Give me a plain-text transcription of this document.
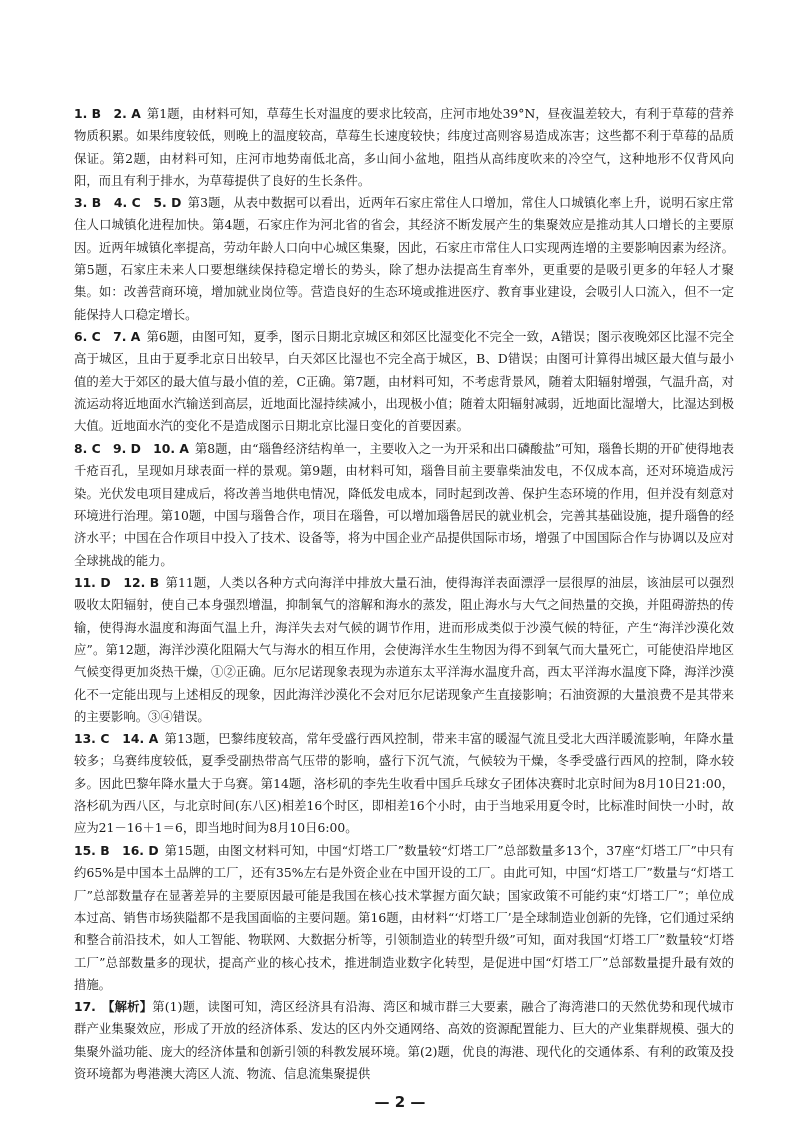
1. B　2. A 第1题，由材料可知，草莓生长对温度的要求比较高，庄河市地处39°N，昼夜温差较大，有利于草莓的营养物质积累。如果纬度较低，则晚上的温度较高，草莓生长速度较快；纬度过高则容易造成冻害；这些都不利于草莓的品质保证。第2题，由材料可知，庄河市地势南低北高，多山间小盆地，阻挡从高纬度吹来的冷空气，这种地形不仅背风向阳，而且有利于排水，为草莓提供了良好的生长条件。
3. B　4. C　5. D 第3题，从表中数据可以看出，近两年石家庄常住人口增加，常住人口城镇化率上升，说明石家庄常住人口城镇化进程加快。第4题，石家庄作为河北省的省会，其经济不断发展产生的集聚效应是推动其人口增长的主要原因。近两年城镇化率提高，劳动年龄人口向中心城区集聚，因此，石家庄市常住人口实现两连增的主要影响因素为经济。第5题，石家庄未来人口要想继续保持稳定增长的势头，除了想办法提高生育率外，更重要的是吸引更多的年轻人才聚集。如：改善营商环境，增加就业岗位等。营造良好的生态环境或推进医疗、教育事业建设，会吸引人口流入，但不一定能保持人口稳定增长。
6. C　7. A 第6题，由图可知，夏季，图示日期北京城区和郊区比湿变化不完全一致，A错误；图示夜晚郊区比湿不完全高于城区，且由于夏季北京日出较早，白天郊区比湿也不完全高于城区，B、D错误；由图可计算得出城区最大值与最小值的差大于郊区的最大值与最小值的差，C正确。第7题，由材料可知，不考虑背景风，随着太阳辐射增强，气温升高，对流运动将近地面水汽输送到高层，近地面比湿持续减小，出现极小值；随着太阳辐射减弱，近地面比湿增大，比湿达到极大值。近地面水汽的变化不是造成图示日期北京比湿日变化的首要因素。
8. C　9. D　10. A 第8题，由“瑙鲁经济结构单一，主要收入之一为开采和出口磷酸盐”可知，瑙鲁长期的开矿使得地表千疮百孔，呈现如月球表面一样的景观。第9题，由材料可知，瑙鲁目前主要靠柴油发电，不仅成本高，还对环境造成污染。光伏发电项目建成后，将改善当地供电情况，降低发电成本，同时起到改善、保护生态环境的作用，但并没有刻意对环境进行治理。第10题，中国与瑙鲁合作，项目在瑙鲁，可以增加瑙鲁居民的就业机会，完善其基础设施，提升瑙鲁的经济水平；中国在合作项目中投入了技术、设备等，将为中国企业产品提供国际市场，增强了中国国际合作与协调以及应对全球挑战的能力。
11. D　12. B 第11题，人类以各种方式向海洋中排放大量石油，使得海洋表面漂浮一层很厚的油层，该油层可以强烈吸收太阳辐射，使自己本身强烈增温，抑制氧气的溶解和海水的蒸发，阻止海水与大气之间热量的交换，并阻碍游热的传输，使得海水温度和海面气温上升，海洋失去对气候的调节作用，进而形成类似于沙漠气候的特征，产生“海洋沙漠化效应”。第12题，海洋沙漠化阻隔大气与海水的相互作用，会使海洋水生生物因为得不到氧气而大量死亡，可能使沿岸地区气候变得更加炎热干燥，①②正确。厄尔尼诺现象表现为赤道东太平洋海水温度升高，西太平洋海水温度下降，海洋沙漠化不一定能出现与上述相反的现象，因此海洋沙漠化不会对厄尔尼诺现象产生直接影响；石油资源的大量浪费不是其带来的主要影响。③④错误。
13. C　14. A 第13题，巴黎纬度较高，常年受盛行西风控制，带来丰富的暖湿气流且受北大西洋暖流影响，年降水量较多；乌赛纬度较低，夏季受副热带高气压带的影响，盛行下沉气流，气候较为干燥，冬季受盛行西风的控制，降水较多。因此巴黎年降水量大于乌赛。第14题，洛杉矶的李先生收看中国乒乓球女子团体决赛时北京时间为8月10日21:00，洛杉矶为西八区，与北京时间(东八区)相差16个时区，即相差16个小时，由于当地采用夏令时，比标准时间快一小时，故应为21－16＋1＝6，即当地时间为8月10日6:00。
15. B　16. D 第15题，由图文材料可知，中国“灯塔工厂”数量较“灯塔工厂”总部数量多13个，37座“灯塔工厂”中只有约65%是中国本土品牌的工厂，还有35%左右是外资企业在中国开设的工厂。由此可知，中国“灯塔工厂”数量与“灯塔工厂”总部数量存在显著差异的主要原因最可能是我国在核心技术掌握方面欠缺；国家政策不可能约束“灯塔工厂”；单位成本过高、销售市场狭隘都不是我国面临的主要问题。第16题，由材料“‘灯塔工厂’是全球制造业创新的先锋，它们通过采纳和整合前沿技术，如人工智能、物联网、大数据分析等，引领制造业的转型升级”可知，面对我国“灯塔工厂”数量较“灯塔工厂”总部数量多的现状，提高产业的核心技术，推进制造业数字化转型，是促进中国“灯塔工厂”总部数量提升最有效的措施。
17. 【解析】第(1)题，读图可知，湾区经济具有沿海、湾区和城市群三大要素，融合了海湾港口的天然优势和现代城市群产业集聚效应，形成了开放的经济体系、发达的区内外交通网络、高效的资源配置能力、巨大的产业集群规模、强大的集聚外溢功能、庞大的经济体量和创新引领的科教发展环境。第(2)题，优良的海港、现代化的交通体系、有利的政策及投资环境都为粤港澳大湾区人流、物流、信息流集聚提供
— 2 —
